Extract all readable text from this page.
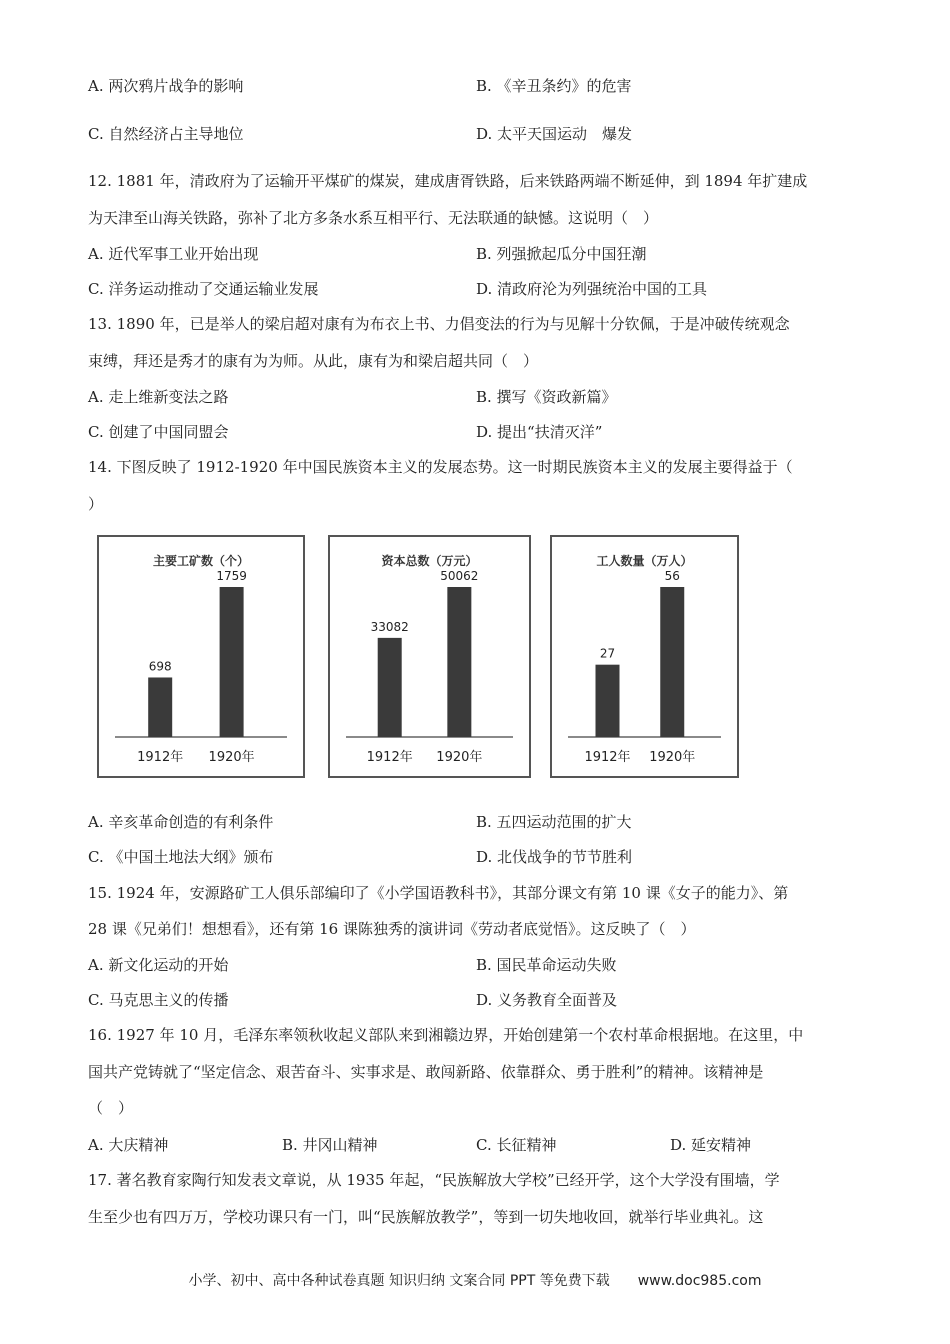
A. 两次鸦片战争的影响	B. 《辛丑条约》的危害
C. 自然经济占主导地位	D. 太平天国运动　爆发
12. 1881 年，清政府为了运输开平煤矿的煤炭，建成唐胥铁路，后来铁路两端不断延伸，到 1894 年扩建成
为天津至山海关铁路，弥补了北方多条水系互相平行、无法联通的缺憾。这说明（　）
A. 近代军事工业开始出现	B. 列强掀起瓜分中国狂潮
C. 洋务运动推动了交通运输业发展	D. 清政府沦为列强统治中国的工具
13. 1890 年，已是举人的梁启超对康有为布衣上书、力倡变法的行为与见解十分钦佩，于是冲破传统观念
束缚，拜还是秀才的康有为为师。从此，康有为和梁启超共同（　）
A. 走上维新变法之路	B. 撰写《资政新篇》
C. 创建了中国同盟会	D. 提出“扶清灭洋”
14. 下图反映了 1912-1920 年中国民族资本主义的发展态势。这一时期民族资本主义的发展主要得益于（
）
主要工矿数（个）
698
1912年
1759
1920年
资本总数（万元）
33082
1912年
50062
1920年
工人数量（万人）
27
1912年
56
1920年
A. 辛亥革命创造的有利条件	B. 五四运动范围的扩大
C. 《中国土地法大纲》颁布	D. 北伐战争的节节胜利
15. 1924 年，安源路矿工人俱乐部编印了《小学国语教科书》，其部分课文有第 10 课《女子的能力》、第
28 课《兄弟们！想想看》，还有第 16 课陈独秀的演讲词《劳动者底觉悟》。这反映了（　）
A. 新文化运动的开始	B. 国民革命运动失败
C. 马克思主义的传播	D. 义务教育全面普及
16. 1927 年 10 月，毛泽东率领秋收起义部队来到湘赣边界，开始创建第一个农村革命根据地。在这里，中
国共产党铸就了“坚定信念、艰苦奋斗、实事求是、敢闯新路、依靠群众、勇于胜利”的精神。该精神是
（　）
A. 大庆精神	B. 井冈山精神	C. 长征精神	D. 延安精神
17. 著名教育家陶行知发表文章说，从 1935 年起，“民族解放大学校”已经开学，这个大学没有围墙，学
生至少也有四万万，学校功课只有一门，叫“民族解放教学”，等到一切失地收回，就举行毕业典礼。这
小学、初中、高中各种试卷真题 知识归纳 文案合同 PPT 等免费下载　　www.doc985.com
